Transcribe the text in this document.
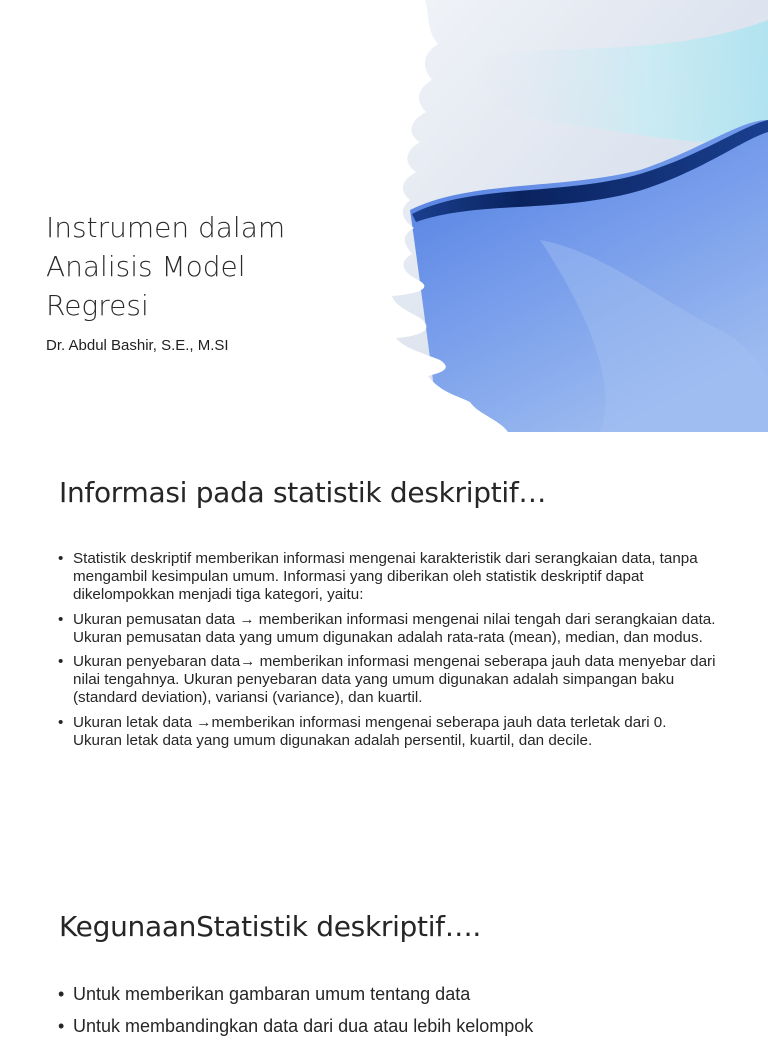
Instrumen dalam
Analisis Model
Regresi

Dr. Abdul Bashir, S.E., M.SI

Informasi pada statistik deskriptif…
• Statistik deskriptif memberikan informasi mengenai karakteristik dari serangkaian data, tanpa mengambil kesimpulan umum. Informasi yang diberikan oleh statistik deskriptif dapat dikelompokkan menjadi tiga kategori, yaitu:
• Ukuran pemusatan data → memberikan informasi mengenai nilai tengah dari serangkaian data. Ukuran pemusatan data yang umum digunakan adalah rata-rata (mean), median, dan modus.
• Ukuran penyebaran data→ memberikan informasi mengenai seberapa jauh data menyebar dari nilai tengahnya. Ukuran penyebaran data yang umum digunakan adalah simpangan baku (standard deviation), variansi (variance), dan kuartil.
• Ukuran letak data →memberikan informasi mengenai seberapa jauh data terletak dari 0. Ukuran letak data yang umum digunakan adalah persentil, kuartil, dan decile.
KegunaanStatistik deskriptif….
• Untuk memberikan gambaran umum tentang data
• Untuk membandingkan data dari dua atau lebih kelompok
